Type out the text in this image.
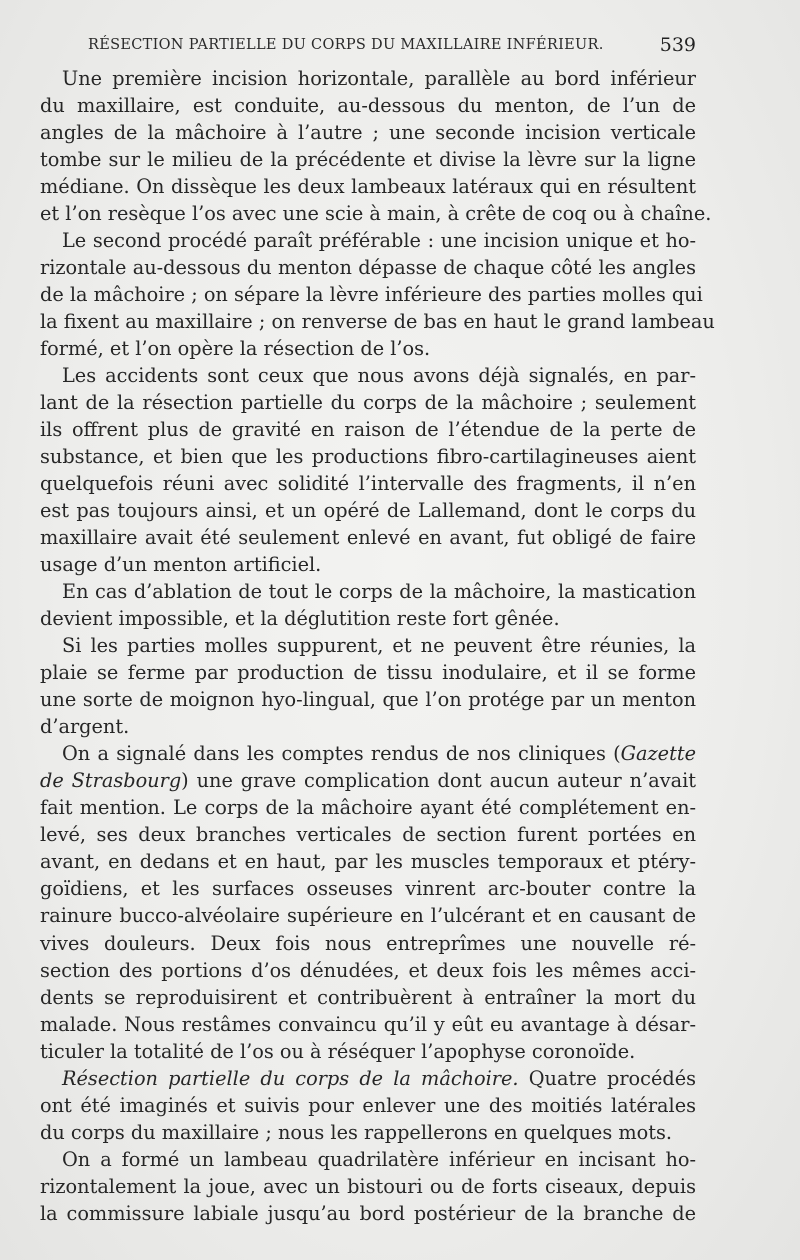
RÉSECTION PARTIELLE DU CORPS DU MAXILLAIRE INFÉRIEUR.	539
Une première incision horizontale, parallèle au bord inférieur
du maxillaire, est conduite, au-dessous du menton, de l’un de
angles de la mâchoire à l’autre ; une seconde incision verticale
tombe sur le milieu de la précédente et divise la lèvre sur la ligne
médiane. On dissèque les deux lambeaux latéraux qui en résultent
et l’on resèque l’os avec une scie à main, à crête de coq ou à chaîne.
Le second procédé paraît préférable : une incision unique et ho-
rizontale au-dessous du menton dépasse de chaque côté les angles
de la mâchoire ; on sépare la lèvre inférieure des parties molles qui
la fixent au maxillaire ; on renverse de bas en haut le grand lambeau
formé, et l’on opère la résection de l’os.
Les accidents sont ceux que nous avons déjà signalés, en par-
lant de la résection partielle du corps de la mâchoire ; seulement
ils offrent plus de gravité en raison de l’étendue de la perte de
substance, et bien que les productions fibro-cartilagineuses aient
quelquefois réuni avec solidité l’intervalle des fragments, il n’en
est pas toujours ainsi, et un opéré de Lallemand, dont le corps du
maxillaire avait été seulement enlevé en avant, fut obligé de faire
usage d’un menton artificiel.
En cas d’ablation de tout le corps de la mâchoire, la mastication
devient impossible, et la déglutition reste fort gênée.
Si les parties molles suppurent, et ne peuvent être réunies, la
plaie se ferme par production de tissu inodulaire, et il se forme
une sorte de moignon hyo-lingual, que l’on protége par un menton
d’argent.
On a signalé dans les comptes rendus de nos cliniques (Gazette
de Strasbourg) une grave complication dont aucun auteur n’avait
fait mention. Le corps de la mâchoire ayant été complétement en-
levé, ses deux branches verticales de section furent portées en
avant, en dedans et en haut, par les muscles temporaux et ptéry-
goïdiens, et les surfaces osseuses vinrent arc-bouter contre la
rainure bucco-alvéolaire supérieure en l’ulcérant et en causant de
vives douleurs. Deux fois nous entreprîmes une nouvelle ré-
section des portions d’os dénudées, et deux fois les mêmes acci-
dents se reproduisirent et contribuèrent à entraîner la mort du
malade. Nous restâmes convaincu qu’il y eût eu avantage à désar-
ticuler la totalité de l’os ou à réséquer l’apophyse coronoïde.
Résection partielle du corps de la mâchoire. Quatre procédés
ont été imaginés et suivis pour enlever une des moitiés latérales
du corps du maxillaire ; nous les rappellerons en quelques mots.
On a formé un lambeau quadrilatère inférieur en incisant ho-
rizontalement la joue, avec un bistouri ou de forts ciseaux, depuis
la commissure labiale jusqu’au bord postérieur de la branche de
